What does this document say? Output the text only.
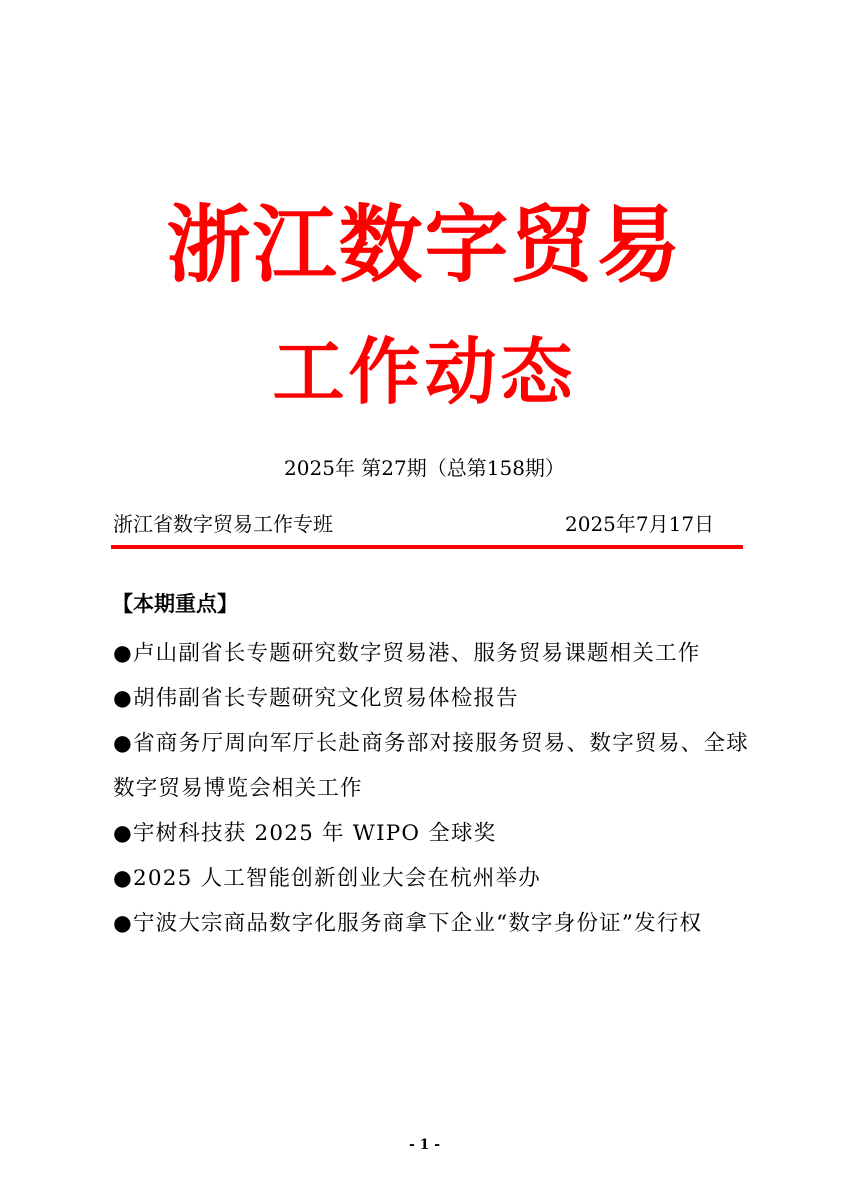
浙江数字贸易
工作动态
2025年 第27期（总第158期）
浙江省数字贸易工作专班	2025年7月17日
【本期重点】
●卢山副省长专题研究数字贸易港、服务贸易课题相关工作
●胡伟副省长专题研究文化贸易体检报告
●省商务厅周向军厅长赴商务部对接服务贸易、数字贸易、全球数字贸易博览会相关工作
●宇树科技获 2025 年 WIPO 全球奖
●2025 人工智能创新创业大会在杭州举办
●宁波大宗商品数字化服务商拿下企业“数字身份证”发行权
- 1 -
